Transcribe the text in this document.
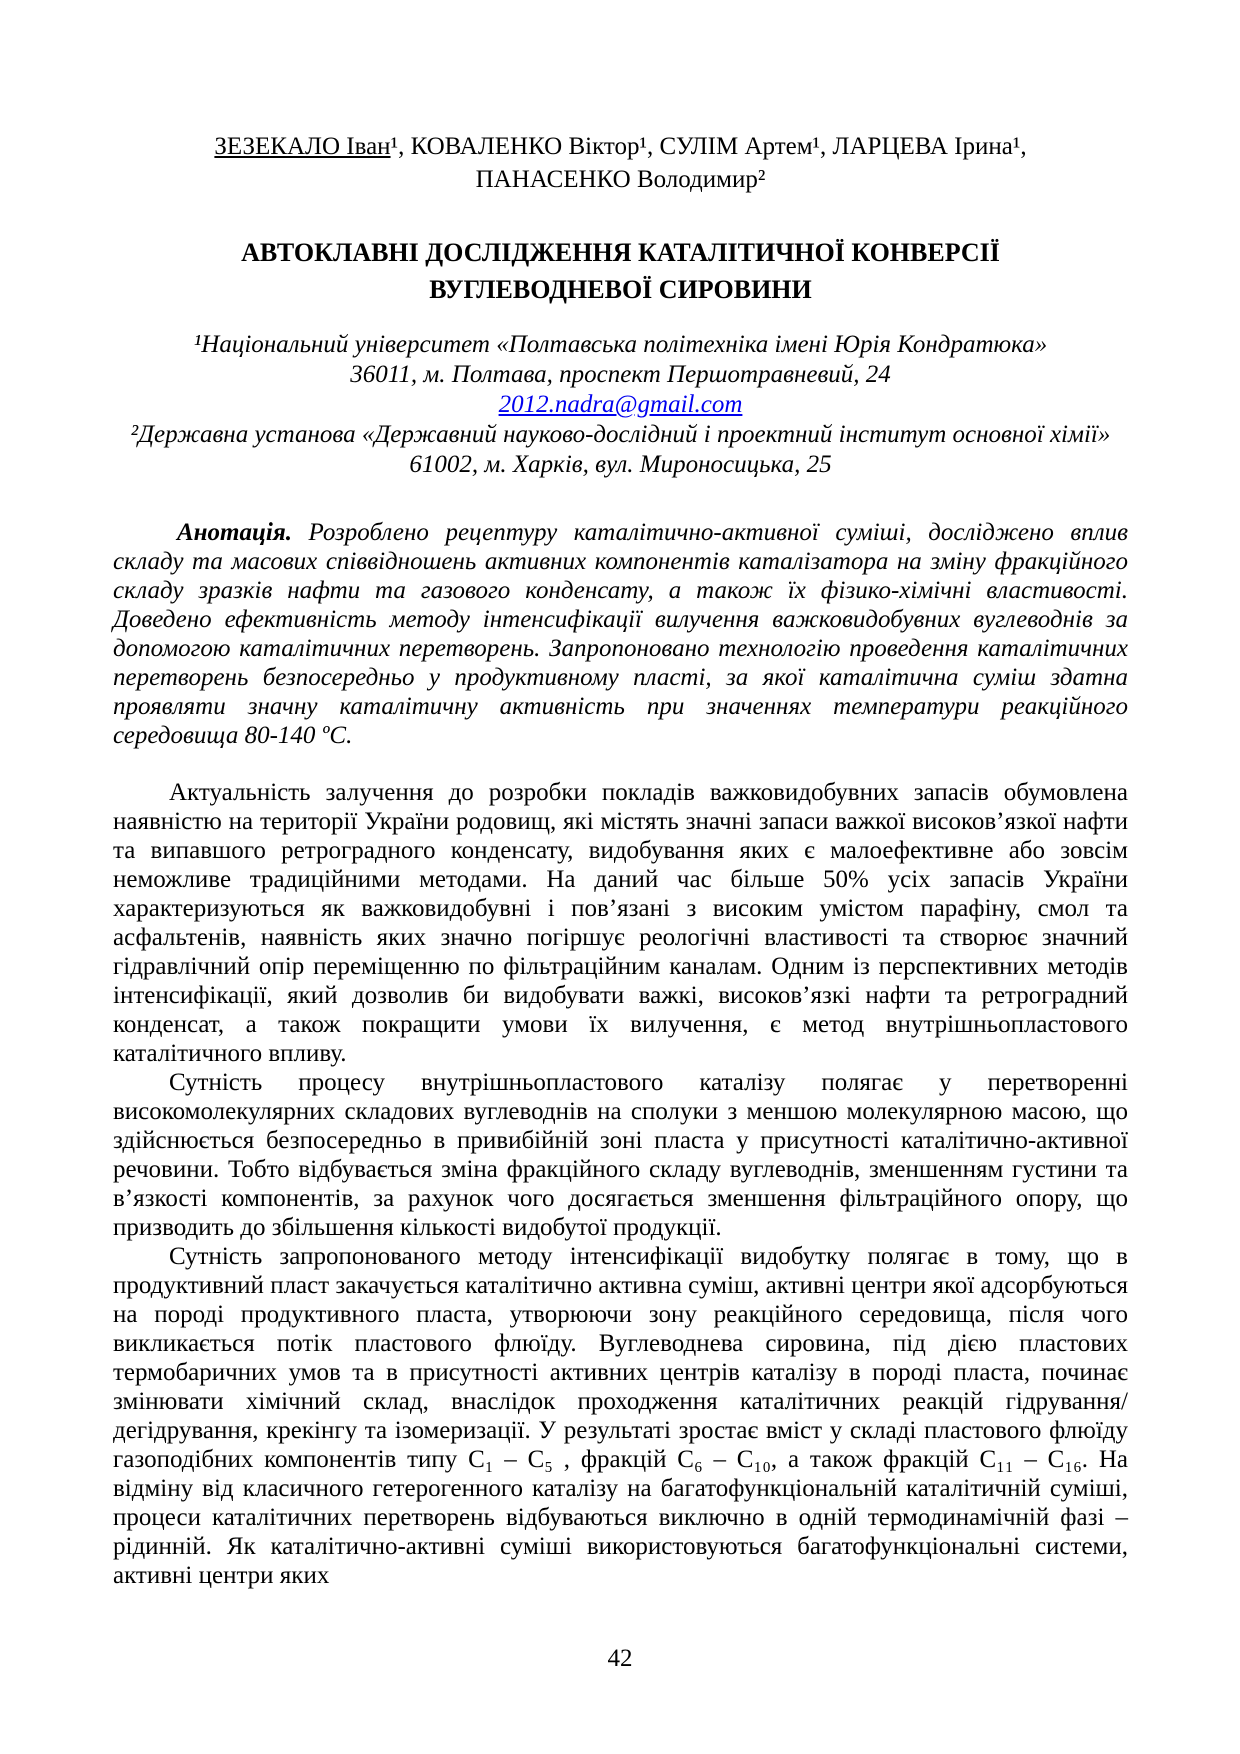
ЗЕЗЕКАЛО Іван¹, КОВАЛЕНКО Віктор¹, СУЛІМ Артем¹, ЛАРЦЕВА Ірина¹,
ПАНАСЕНКО Володимир²
АВТОКЛАВНІ ДОСЛІДЖЕННЯ КАТАЛІТИЧНОЇ КОНВЕРСІЇ
ВУГЛЕВОДНЕВОЇ СИРОВИНИ
¹Національний університет «Полтавська політехніка імені Юрія Кондратюка»
36011, м. Полтава, проспект Першотравневий, 24
2012.nadra@gmail.com
²Державна установа «Державний науково-дослідний і проектний інститут основної хімії»
61002, м. Харків, вул. Мироносицька, 25
Анотація. Розроблено рецептуру каталітично-активної суміші, досліджено вплив складу та масових співвідношень активних компонентів каталізатора на зміну фракційного складу зразків нафти та газового конденсату, а також їх фізико-хімічні властивості. Доведено ефективність методу інтенсифікації вилучення важковидобувних вуглеводнів за допомогою каталітичних перетворень. Запропоновано технологію проведення каталітичних перетворень безпосередньо у продуктивному пласті, за якої каталітична суміш здатна проявляти значну каталітичну активність при значеннях температури реакційного середовища 80-140 ºС.

Актуальність залучення до розробки покладів важковидобувних запасів обумовлена наявністю на території України родовищ, які містять значні запаси важкої високов’язкої нафти та випавшого ретроградного конденсату, видобування яких є малоефективне або зовсім неможливе традиційними методами. На даний час більше 50% усіх запасів України характеризуються як важковидобувні і пов’язані з високим умістом парафіну, смол та асфальтенів, наявність яких значно погіршує реологічні властивості та створює значний гідравлічний опір переміщенню по фільтраційним каналам. Одним із перспективних методів інтенсифікації, який дозволив би видобувати важкі, високов’язкі нафти та ретроградний конденсат, а також покращити умови їх вилучення, є метод внутрішньопластового каталітичного впливу.

Сутність процесу внутрішньопластового каталізу полягає у перетворенні високомолекулярних складових вуглеводнів на сполуки з меншою молекулярною масою, що здійснюється безпосередньо в привибійній зоні пласта у присутності каталітично-активної речовини. Тобто відбувається зміна фракційного складу вуглеводнів, зменшенням густини та в’язкості компонентів, за рахунок чого досягається зменшення фільтраційного опору, що призводить до збільшення кількості видобутої продукції.

Сутність запропонованого методу інтенсифікації видобутку полягає в тому, що в продуктивний пласт закачується каталітично активна суміш, активні центри якої адсорбуються на породі продуктивного пласта, утворюючи зону реакційного середовища, після чого викликається потік пластового флюїду. Вуглеводнева сировина, під дією пластових термобаричних умов та в присутності активних центрів каталізу в породі пласта, починає змінювати хімічний склад, внаслідок проходження каталітичних реакцій гідрування/дегідрування, крекінгу та ізомеризації. У результаті зростає вміст у складі пластового флюїду газоподібних компонентів типу С₁ – С₅ , фракцій С₆ – С₁₀, а також фракцій С₁₁ – С₁₆. На відміну від класичного гетерогенного каталізу на багатофункціональній каталітичній суміші, процеси каталітичних перетворень відбуваються виключно в одній термодинамічній фазі – рідинній. Як каталітично-активні суміші використовуються багатофункціональні системи, активні центри яких

42
